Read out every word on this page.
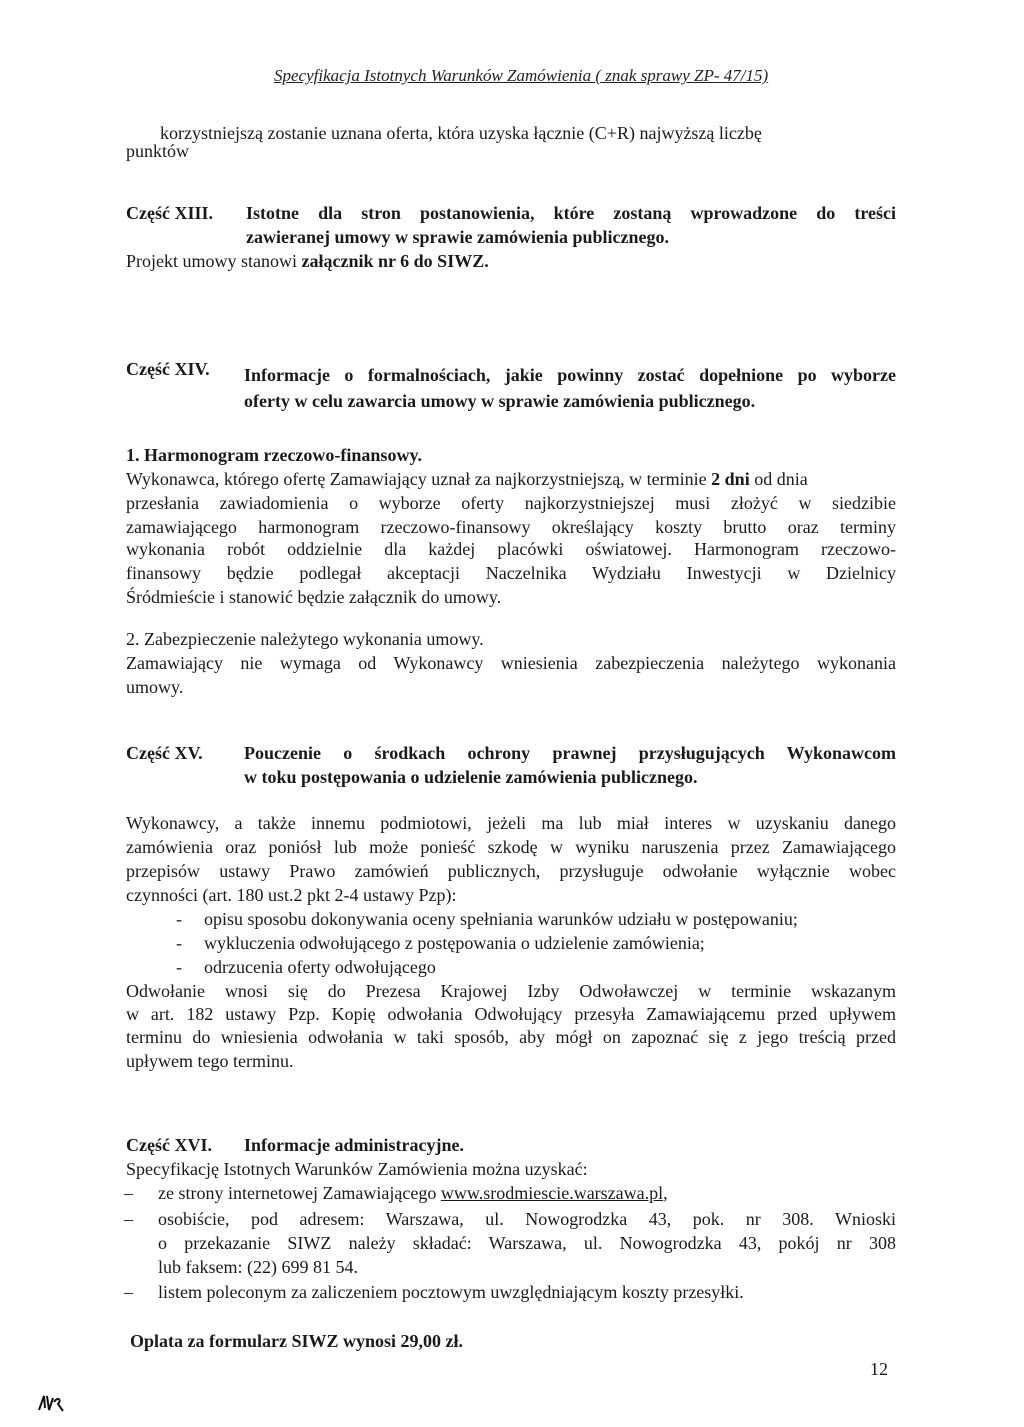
Specyfikacja Istotnych Warunków Zamówienia ( znak sprawy ZP- 47/15)
korzystniejszą zostanie uznana oferta, która uzyska łącznie (C+R) najwyższą liczbę
punktów
Część XIII. Istotne dla stron postanowienia, które zostaną wprowadzone do treści
zawieranej umowy w sprawie zamówienia publicznego.
Projekt umowy stanowi załącznik nr 6 do SIWZ.
Część XIV. Informacje o formalnościach, jakie powinny zostać dopełnione po wyborze
oferty w celu zawarcia umowy w sprawie zamówienia publicznego.
1. Harmonogram rzeczowo-finansowy.
Wykonawca, którego ofertę Zamawiający uznał za najkorzystniejszą, w terminie 2 dni od dnia
przesłania zawiadomienia o wyborze oferty najkorzystniejszej musi złożyć w siedzibie
zamawiającego harmonogram rzeczowo-finansowy określający koszty brutto oraz terminy
wykonania robót oddzielnie dla każdej placówki oświatowej. Harmonogram rzeczowo-
finansowy będzie podlegał akceptacji Naczelnika Wydziału Inwestycji w Dzielnicy
Śródmieście i stanowić będzie załącznik do umowy.
2. Zabezpieczenie należytego wykonania umowy.
Zamawiający nie wymaga od Wykonawcy wniesienia zabezpieczenia należytego wykonania
umowy.
Część XV. Pouczenie o środkach ochrony prawnej przysługujących Wykonawcom
w toku postępowania o udzielenie zamówienia publicznego.
Wykonawcy, a także innemu podmiotowi, jeżeli ma lub miał interes w uzyskaniu danego
zamówienia oraz poniósł lub może ponieść szkodę w wyniku naruszenia przez Zamawiającego
przepisów ustawy Prawo zamówień publicznych, przysługuje odwołanie wyłącznie wobec
czynności (art. 180 ust.2 pkt 2-4 ustawy Pzp):
- opisu sposobu dokonywania oceny spełniania warunków udziału w postępowaniu;
- wykluczenia odwołującego z postępowania o udzielenie zamówienia;
- odrzucenia oferty odwołującego
Odwołanie wnosi się do Prezesa Krajowej Izby Odwoławczej w terminie wskazanym
w art. 182 ustawy Pzp. Kopię odwołania Odwołujący przesyła Zamawiającemu przed upływem
terminu do wniesienia odwołania w taki sposób, aby mógł on zapoznać się z jego treścią przed
upływem tego terminu.
Część XVI. Informacje administracyjne.
Specyfikację Istotnych Warunków Zamówienia można uzyskać:
– ze strony internetowej Zamawiającego www.srodmiescie.warszawa.pl,
– osobiście, pod adresem: Warszawa, ul. Nowogrodzka 43, pok. nr 308. Wnioski
o przekazanie SIWZ należy składać: Warszawa, ul. Nowogrodzka 43, pokój nr 308
lub faksem: (22) 699 81 54.
– listem poleconym za zaliczeniem pocztowym uwzględniającym koszty przesyłki.
Oplata za formularz SIWZ wynosi 29,00 zł.
12
